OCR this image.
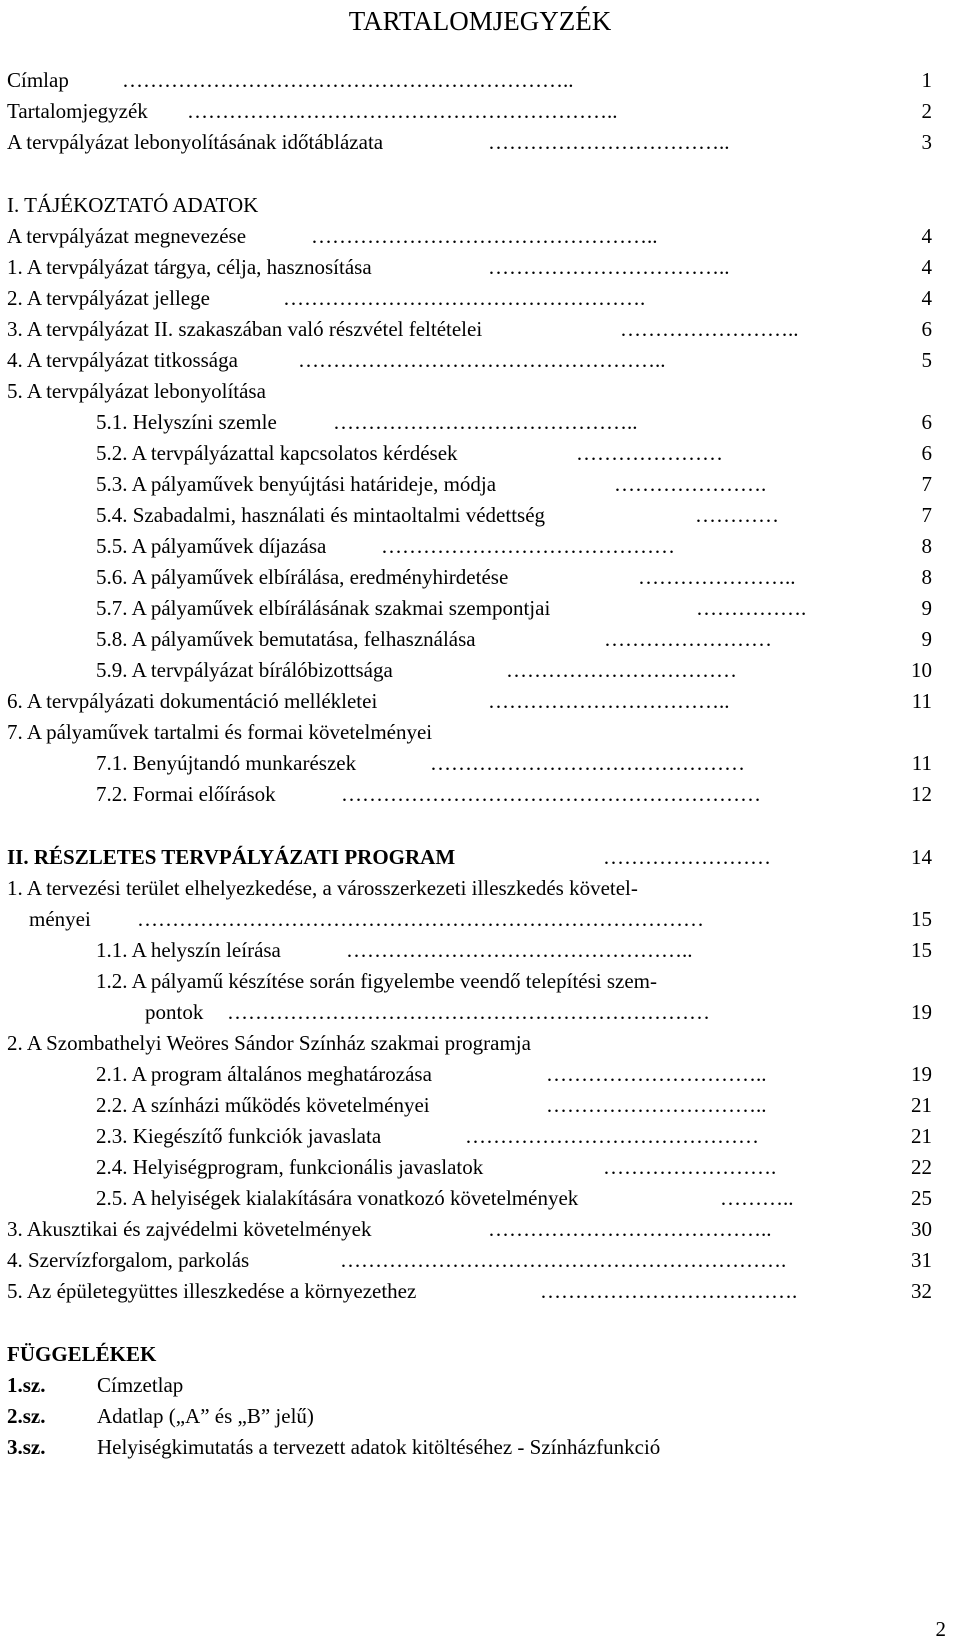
TARTALOMJEGYZÉK
Címlap	………………………………………………………..	1
Tartalomjegyzék ……………………………………………………..	2
A tervpályázat lebonyolításának időtáblázata	……………………………..	3
I. TÁJÉKOZTATÓ ADATOK
A tervpályázat megnevezése	…………………………………………..	4
1. A tervpályázat tárgya, célja, hasznosítása	……………………………..	4
2. A tervpályázat jellege	…………………………………………….	4
3. A tervpályázat II. szakaszában való részvétel feltételei	……………………..	6
4. A tervpályázat titkossága	……………………………………………..	5
5. A tervpályázat lebonyolítása
5.1. Helyszíni szemle	……………………………………..	6
5.2. A tervpályázattal kapcsolatos kérdések	…………………	6
5.3. A pályaművek benyújtási határideje, módja	………………….	7
5.4. Szabadalmi, használati és mintaoltalmi védettség	…………	7
5.5. A pályaművek díjazása	……………………………………	8
5.6. A pályaművek elbírálása, eredményhirdetése	…………………..	8
5.7. A pályaművek elbírálásának szakmai szempontjai	…………….	9
5.8. A pályaművek bemutatása, felhasználása	……………………	9
5.9. A tervpályázat bírálóbizottsága	……………………………	10
6. A tervpályázati dokumentáció mellékletei	……………………………..	11
7. A pályaművek tartalmi és formai követelményei
7.1. Benyújtandó munkarészek	………………………………………	11
7.2. Formai előírások	……………………………………………………	12
II. RÉSZLETES TERVPÁLYÁZATI PROGRAM	……………………	14
1. A tervezési terület elhelyezkedése, a városszerkezeti illeszkedés követel-
ményei ………………………………………………………………………	15
1.1. A helyszín leírása	…………………………………………..	15
1.2. A pályamű készítése során figyelembe veendő telepítési szem-
pontok ……………………………………………………………	19
2. A Szombathelyi Weöres Sándor Színház szakmai programja
2.1. A program általános meghatározása	…………………………..	19
2.2. A színházi működés követelményei	…………………………..	21
2.3. Kiegészítő funkciók javaslata	……………………………………	21
2.4. Helyiségprogram, funkcionális javaslatok	…………………….	22
2.5. A helyiségek kialakítására vonatkozó követelmények	………..	25
3. Akusztikai és zajvédelmi követelmények	…………………………………..	30
4. Szervízforgalom, parkolás	……………………………………………………….	31
5. Az épületegyüttes illeszkedése a környezethez	……………………………….	32
FÜGGELÉKEK
1.sz. Címzetlap
2.sz. Adatlap („A” és „B” jelű)
3.sz. Helyiségkimutatás a tervezett adatok kitöltéséhez - Színházfunkció
2
